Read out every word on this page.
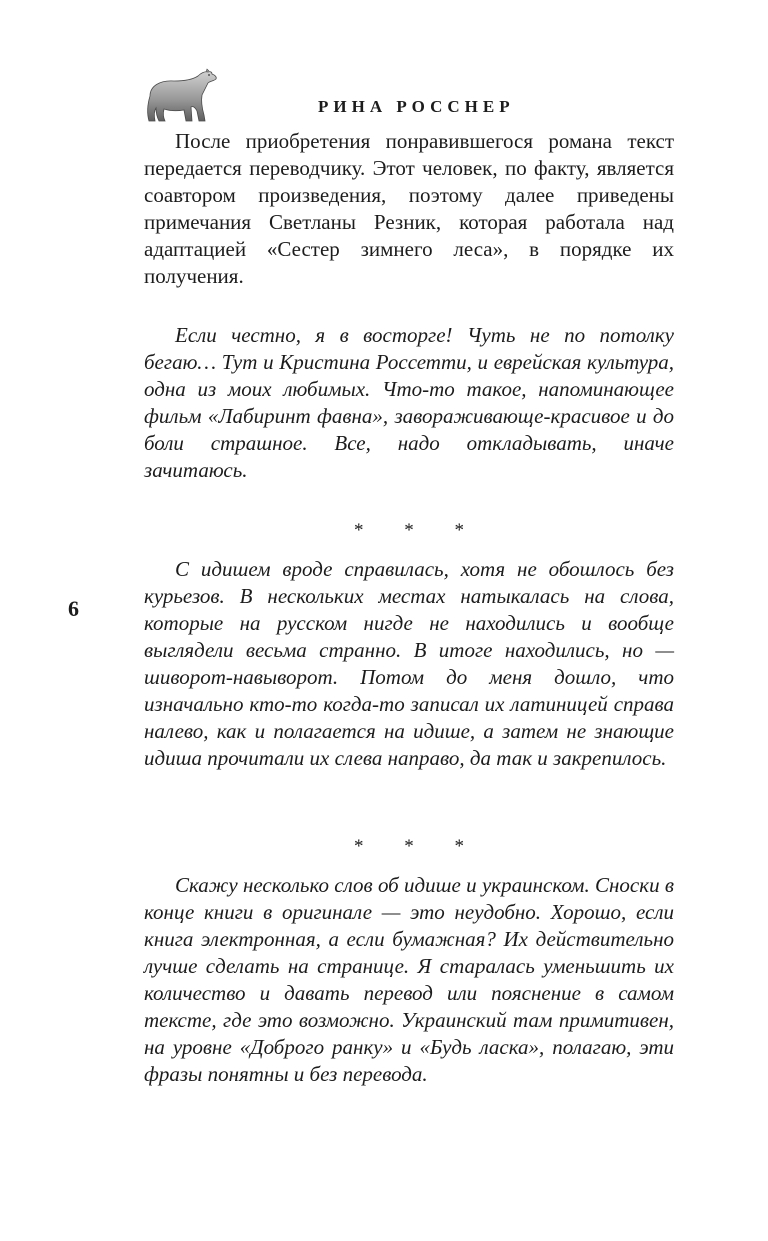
РИНА РОССНЕР
6

После приобретения понравившегося романа текст передается переводчику. Этот человек, по факту, является соавтором произведения, поэтому далее приведены примечания Светланы Резник, которая работала над адаптацией «Сестер зимнего леса», в порядке их получения.

Если честно, я в восторге! Чуть не по потолку бегаю… Тут и Кристина Россетти, и еврейская культура, одна из моих любимых. Что-то такое, напоминающее фильм «Лабиринт фавна», завораживающе-красивое и до боли страшное. Все, надо откладывать, иначе зачитаюсь.

* * *

С идишем вроде справилась, хотя не обошлось без курьезов. В нескольких местах натыкалась на слова, которые на русском нигде не находились и вообще выглядели весьма странно. В итоге находились, но — шиворот-навыворот. Потом до меня дошло, что изначально кто-то когда-то записал их латиницей справа налево, как и полагается на идише, а затем не знающие идиша прочитали их слева направо, да так и закрепилось.

* * *

Скажу несколько слов об идише и украинском. Сноски в конце книги в оригинале — это неудобно. Хорошо, если книга электронная, а если бумажная? Их действительно лучше сделать на странице. Я старалась уменьшить их количество и давать перевод или пояснение в самом тексте, где это возможно. Украинский там примитивен, на уровне «Доброго ранку» и «Будь ласка», полагаю, эти фразы понятны и без перевода.
